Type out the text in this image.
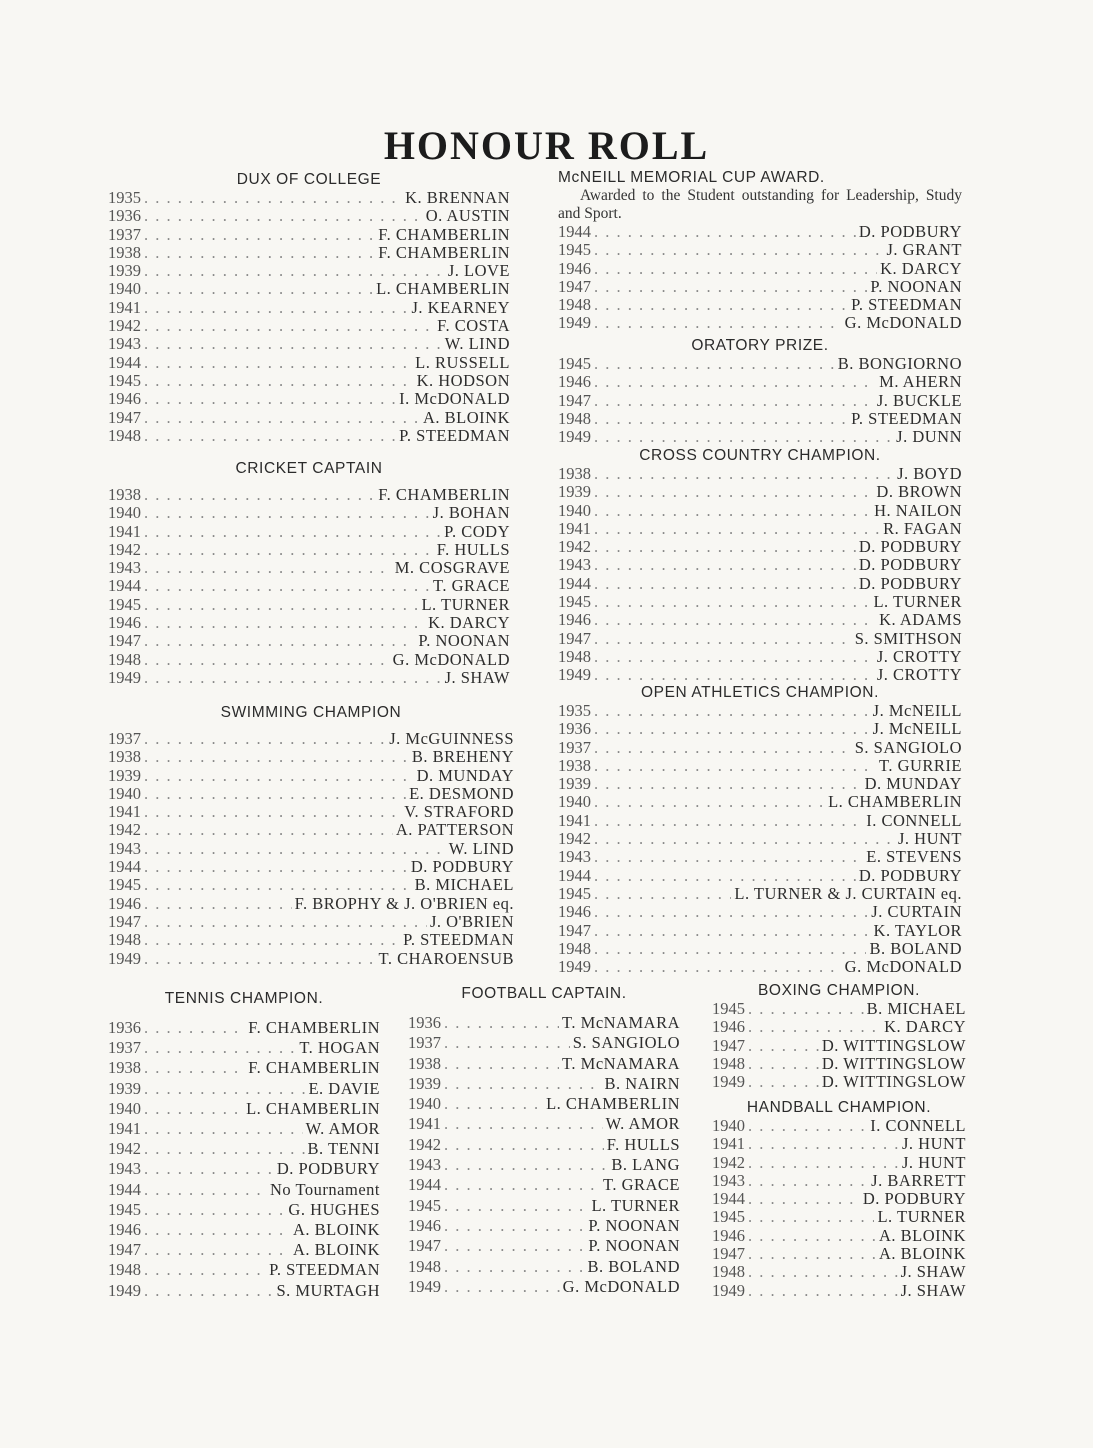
HONOUR ROLL
DUX OF COLLEGE
1935 . . .	K. BRENNAN
1936 . . .	O. AUSTIN
1937 . . .	F. CHAMBERLIN
1938 . . .	F. CHAMBERLIN
1939 . . .	J. LOVE
1940 . . .	L. CHAMBERLIN
1941 . . .	J. KEARNEY
1942 . . .	F. COSTA
1943 . . .	W. LIND
1944 . . .	L. RUSSELL
1945 . . .	K. HODSON
1946 . . .	I. McDONALD
1947 . . .	A. BLOINK
1948 . . .	P. STEEDMAN
CRICKET CAPTAIN
1938 . . .	F. CHAMBERLIN
1940 . . .	J. BOHAN
1941 . . .	P. CODY
1942 . . .	F. HULLS
1943 . . .	M. COSGRAVE
1944 . . .	T. GRACE
1945 . . .	L. TURNER
1946 . . .	K. DARCY
1947 . . .	P. NOONAN
1948 . . .	G. McDONALD
1949 . . .	J. SHAW
SWIMMING CHAMPION
1937 . . .	J. McGUINNESS
1938 . . .	B. BREHENY
1939 . . .	D. MUNDAY
1940 . . .	E. DESMOND
1941 . . .	V. STRAFORD
1942 . . .	A. PATTERSON
1943 . . .	W. LIND
1944 . . .	D. PODBURY
1945 . . .	B. MICHAEL
1946 . . .	F. BROPHY & J. O'BRIEN eq.
1947 . . .	J. O'BRIEN
1948 . . .	P. STEEDMAN
1949 . . .	T. CHAROENSUB
McNEILL MEMORIAL CUP AWARD.
Awarded to the Student outstanding for Leadership, Study and Sport.
1944 . . .	D. PODBURY
1945 . . .	J. GRANT
1946 . . .	K. DARCY
1947 . . .	P. NOONAN
1948 . . .	P. STEEDMAN
1949 . . .	G. McDONALD
ORATORY PRIZE.
1945 . . .	B. BONGIORNO
1946 . . .	M. AHERN
1947 . . .	J. BUCKLE
1948 . . .	P. STEEDMAN
1949 . . .	J. DUNN
CROSS COUNTRY CHAMPION.
1938 . . .	J. BOYD
1939 . . .	D. BROWN
1940 . . .	H. NAILON
1941 . . .	R. FAGAN
1942 . . .	D. PODBURY
1943 . . .	D. PODBURY
1944 . . .	D. PODBURY
1945 . . .	L. TURNER
1946 . . .	K. ADAMS
1947 . . .	S. SMITHSON
1948 . . .	J. CROTTY
1949 . . .	J. CROTTY
OPEN ATHLETICS CHAMPION.
1935 . . .	J. McNEILL
1936 . . .	J. McNEILL
1937 . . .	S. SANGIOLO
1938 . . .	T. GURRIE
1939 . . .	D. MUNDAY
1940 . . .	L. CHAMBERLIN
1941 . . .	I. CONNELL
1942 . . .	J. HUNT
1943 . . .	E. STEVENS
1944 . . .	D. PODBURY
1945 . . .	L. TURNER & J. CURTAIN eq.
1946 . . .	J. CURTAIN
1947 . . .	K. TAYLOR
1948 . . .	B. BOLAND
1949 . . .	G. McDONALD
TENNIS CHAMPION.
1936 . . .	F. CHAMBERLIN
1937 . . .	T. HOGAN
1938 . . .	F. CHAMBERLIN
1939 . . .	E. DAVIE
1940 . . .	L. CHAMBERLIN
1941 . . .	W. AMOR
1942 . . .	B. TENNI
1943 . . .	D. PODBURY
1944 . . .	No Tournament
1945 . . .	G. HUGHES
1946 . . .	A. BLOINK
1947 . . .	A. BLOINK
1948 . . .	P. STEEDMAN
1949 . . .	S. MURTAGH
FOOTBALL CAPTAIN.
1936 . . .	T. McNAMARA
1937 . . .	S. SANGIOLO
1938 . . .	T. McNAMARA
1939 . . .	B. NAIRN
1940 . . .	L. CHAMBERLIN
1941 . . .	W. AMOR
1942 . . .	F. HULLS
1943 . . .	B. LANG
1944 . . .	T. GRACE
1945 . . .	L. TURNER
1946 . . .	P. NOONAN
1947 . . .	P. NOONAN
1948 . . .	B. BOLAND
1949 . . .	G. McDONALD
BOXING CHAMPION.
1945 . . .	B. MICHAEL
1946 . . .	K. DARCY
1947 . . .	D. WITTINGSLOW
1948 . . .	D. WITTINGSLOW
1949 . . .	D. WITTINGSLOW
HANDBALL CHAMPION.
1940 . . .	I. CONNELL
1941 . . .	J. HUNT
1942 . . .	J. HUNT
1943 . . .	J. BARRETT
1944 . . .	D. PODBURY
1945 . . .	L. TURNER
1946 . . .	A. BLOINK
1947 . . .	A. BLOINK
1948 . . .	J. SHAW
1949 . . .	J. SHAW
